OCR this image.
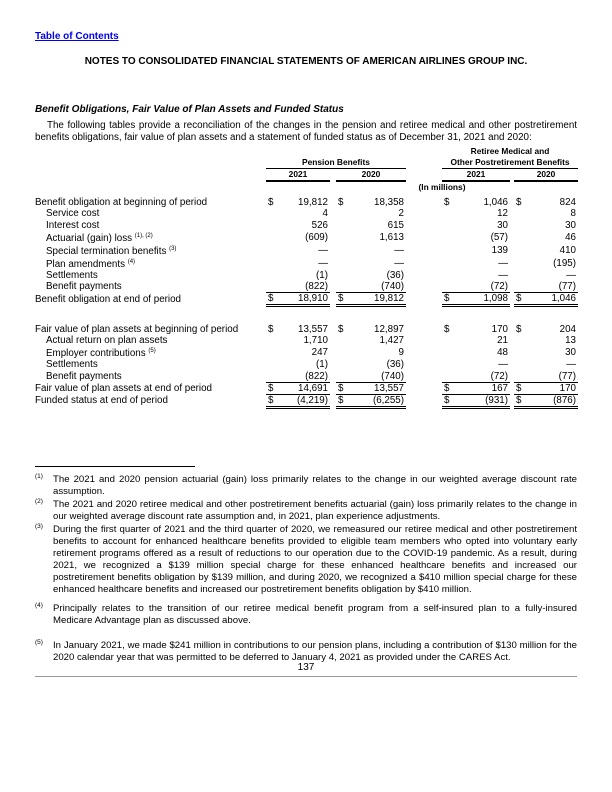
Table of Contents
NOTES TO CONSOLIDATED FINANCIAL STATEMENTS OF AMERICAN AIRLINES GROUP INC.
Benefit Obligations, Fair Value of Plan Assets and Funded Status
The following tables provide a reconciliation of the changes in the pension and retiree medical and other postretirement benefits obligations, fair value of plan assets and a statement of funded status as of December 31, 2021 and 2020:
					Retiree Medical and		
	Pension Benefits				Other Postretirement Benefits		
	2021		2020		2021		2020
	(In millions)						
Benefit obligation at beginning of period	$	19,812		$	18,358		$	1,046		$	824
Service cost		4			2			12			8
Interest cost		526			615			30			30
Actuarial (gain) loss $^{(1), (2)}$		(609)			1,613			(57)			46
Special termination benefits $^{(3)}$		—			—			139			410
Plan amendments $^{(4)}$		—			—			—			(195)
Settlements		(1)			(36)			—			—
Benefit payments		(822)			(740)			(72)			(77)
Benefit obligation at end of period	$	18,910		$	19,812		$	1,098		$	1,046

Fair value of plan assets at beginning of period	$	13,557		$	12,897		$	170		$	204
Actual return on plan assets		1,710			1,427			21			13
Employer contributions $^{(5)}$		247			9			48			30
Settlements		(1)			(36)			—			—
Benefit payments		(822)			(740)			(72)			(77)
Fair value of plan assets at end of period	$	14,691		$	13,557		$	167		$	170
Funded status at end of period	$	(4,219)		$	(6,255)		$	(931)		$	(876)
(1) The 2021 and 2020 pension actuarial (gain) loss primarily relates to the change in our weighted average discount rate assumption.
(2) The 2021 and 2020 retiree medical and other postretirement benefits actuarial (gain) loss primarily relates to the change in our weighted average discount rate assumption and, in 2021, plan experience adjustments.
(3) During the first quarter of 2021 and the third quarter of 2020, we remeasured our retiree medical and other postretirement benefits to account for enhanced healthcare benefits provided to eligible team members who opted into voluntary early retirement programs offered as a result of reductions to our operation due to the COVID-19 pandemic. As a result, during 2021, we recognized a $139 million special charge for these enhanced healthcare benefits and increased our postretirement benefits obligation by $139 million, and during 2020, we recognized a $410 million special charge for these enhanced healthcare benefits and increased our postretirement benefits obligation by $410 million.
(4) Principally relates to the transition of our retiree medical benefit program from a self-insured plan to a fully-insured Medicare Advantage plan as discussed above.
(5) In January 2021, we made $241 million in contributions to our pension plans, including a contribution of $130 million for the 2020 calendar year that was permitted to be deferred to January 4, 2021 as provided under the CARES Act.
137
